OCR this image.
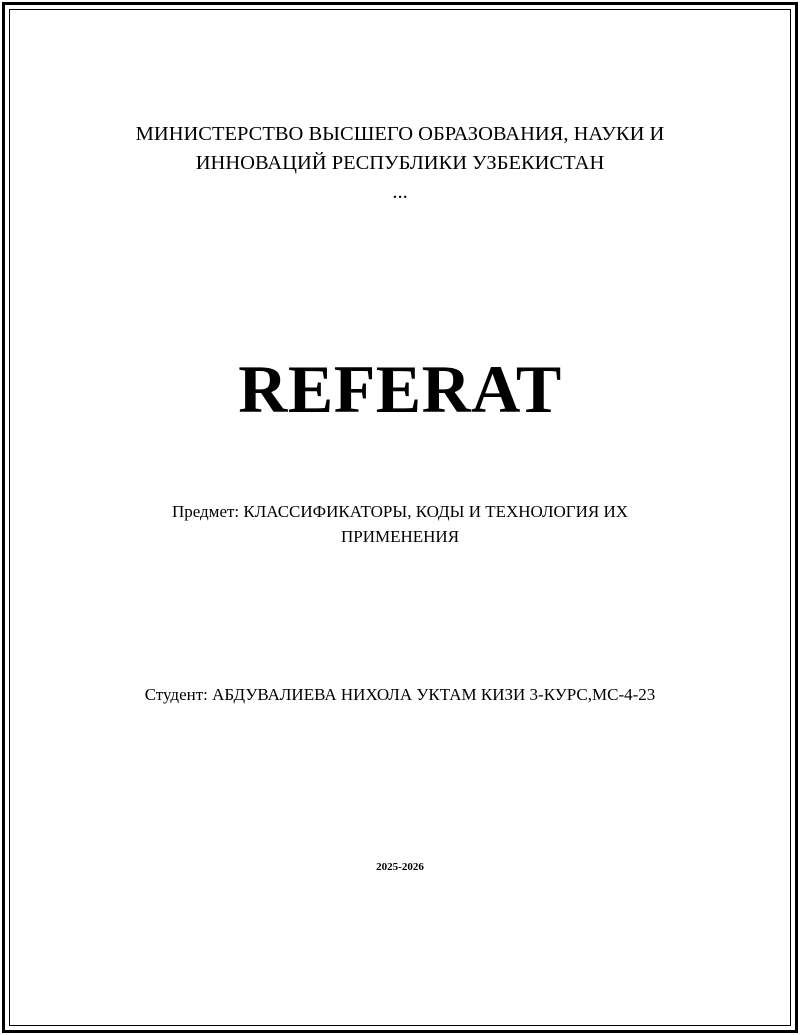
МИНИСТЕРСТВО ВЫСШЕГО ОБРАЗОВАНИЯ, НАУКИ И
ИННОВАЦИЙ РЕСПУБЛИКИ УЗБЕКИСТАН
...
REFERAT
Предмет: КЛАССИФИКАТОРЫ, КОДЫ И ТЕХНОЛОГИЯ ИХ
ПРИМЕНЕНИЯ
Студент: АБДУВАЛИЕВА НИХОЛА УКТАМ КИЗИ 3-КУРС,МС-4-23
2025-2026
